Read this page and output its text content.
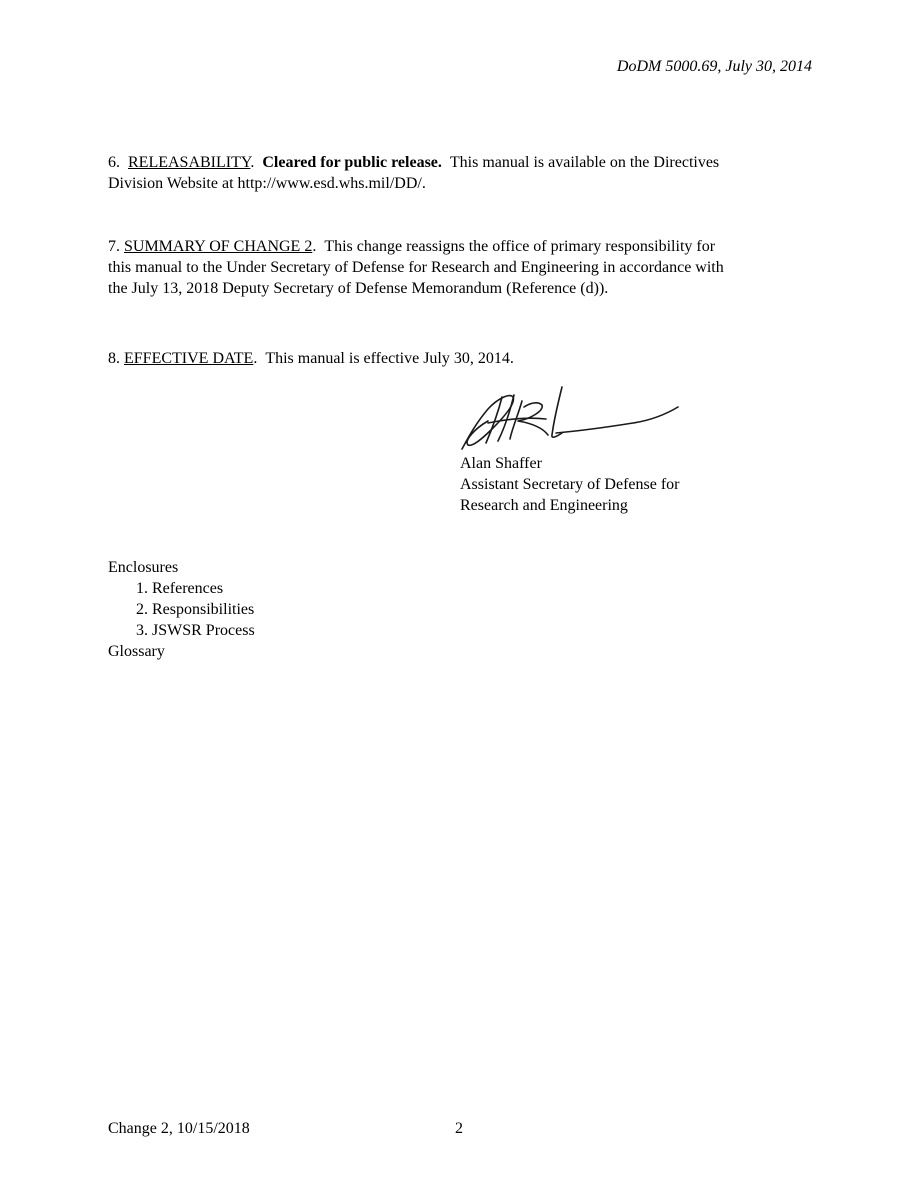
DoDM 5000.69, July 30, 2014

6. RELEASABILITY.  Cleared for public release. This manual is available on the Directives

Division Website at http://www.esd.whs.mil/DD/.

7. SUMMARY OF CHANGE 2.  This change reassigns the office of primary responsibility for

this manual to the Under Secretary of Defense for Research and Engineering in accordance with

the July 13, 2018 Deputy Secretary of Defense Memorandum (Reference (d)).

8. EFFECTIVE DATE.  This manual is effective July 30, 2014.

Alan Shaffer
Assistant Secretary of Defense for
Research and Engineering
Enclosures
1. References
2. Responsibilities
3. JSWSR Process
Glossary
Change 2, 10/15/2018	2
